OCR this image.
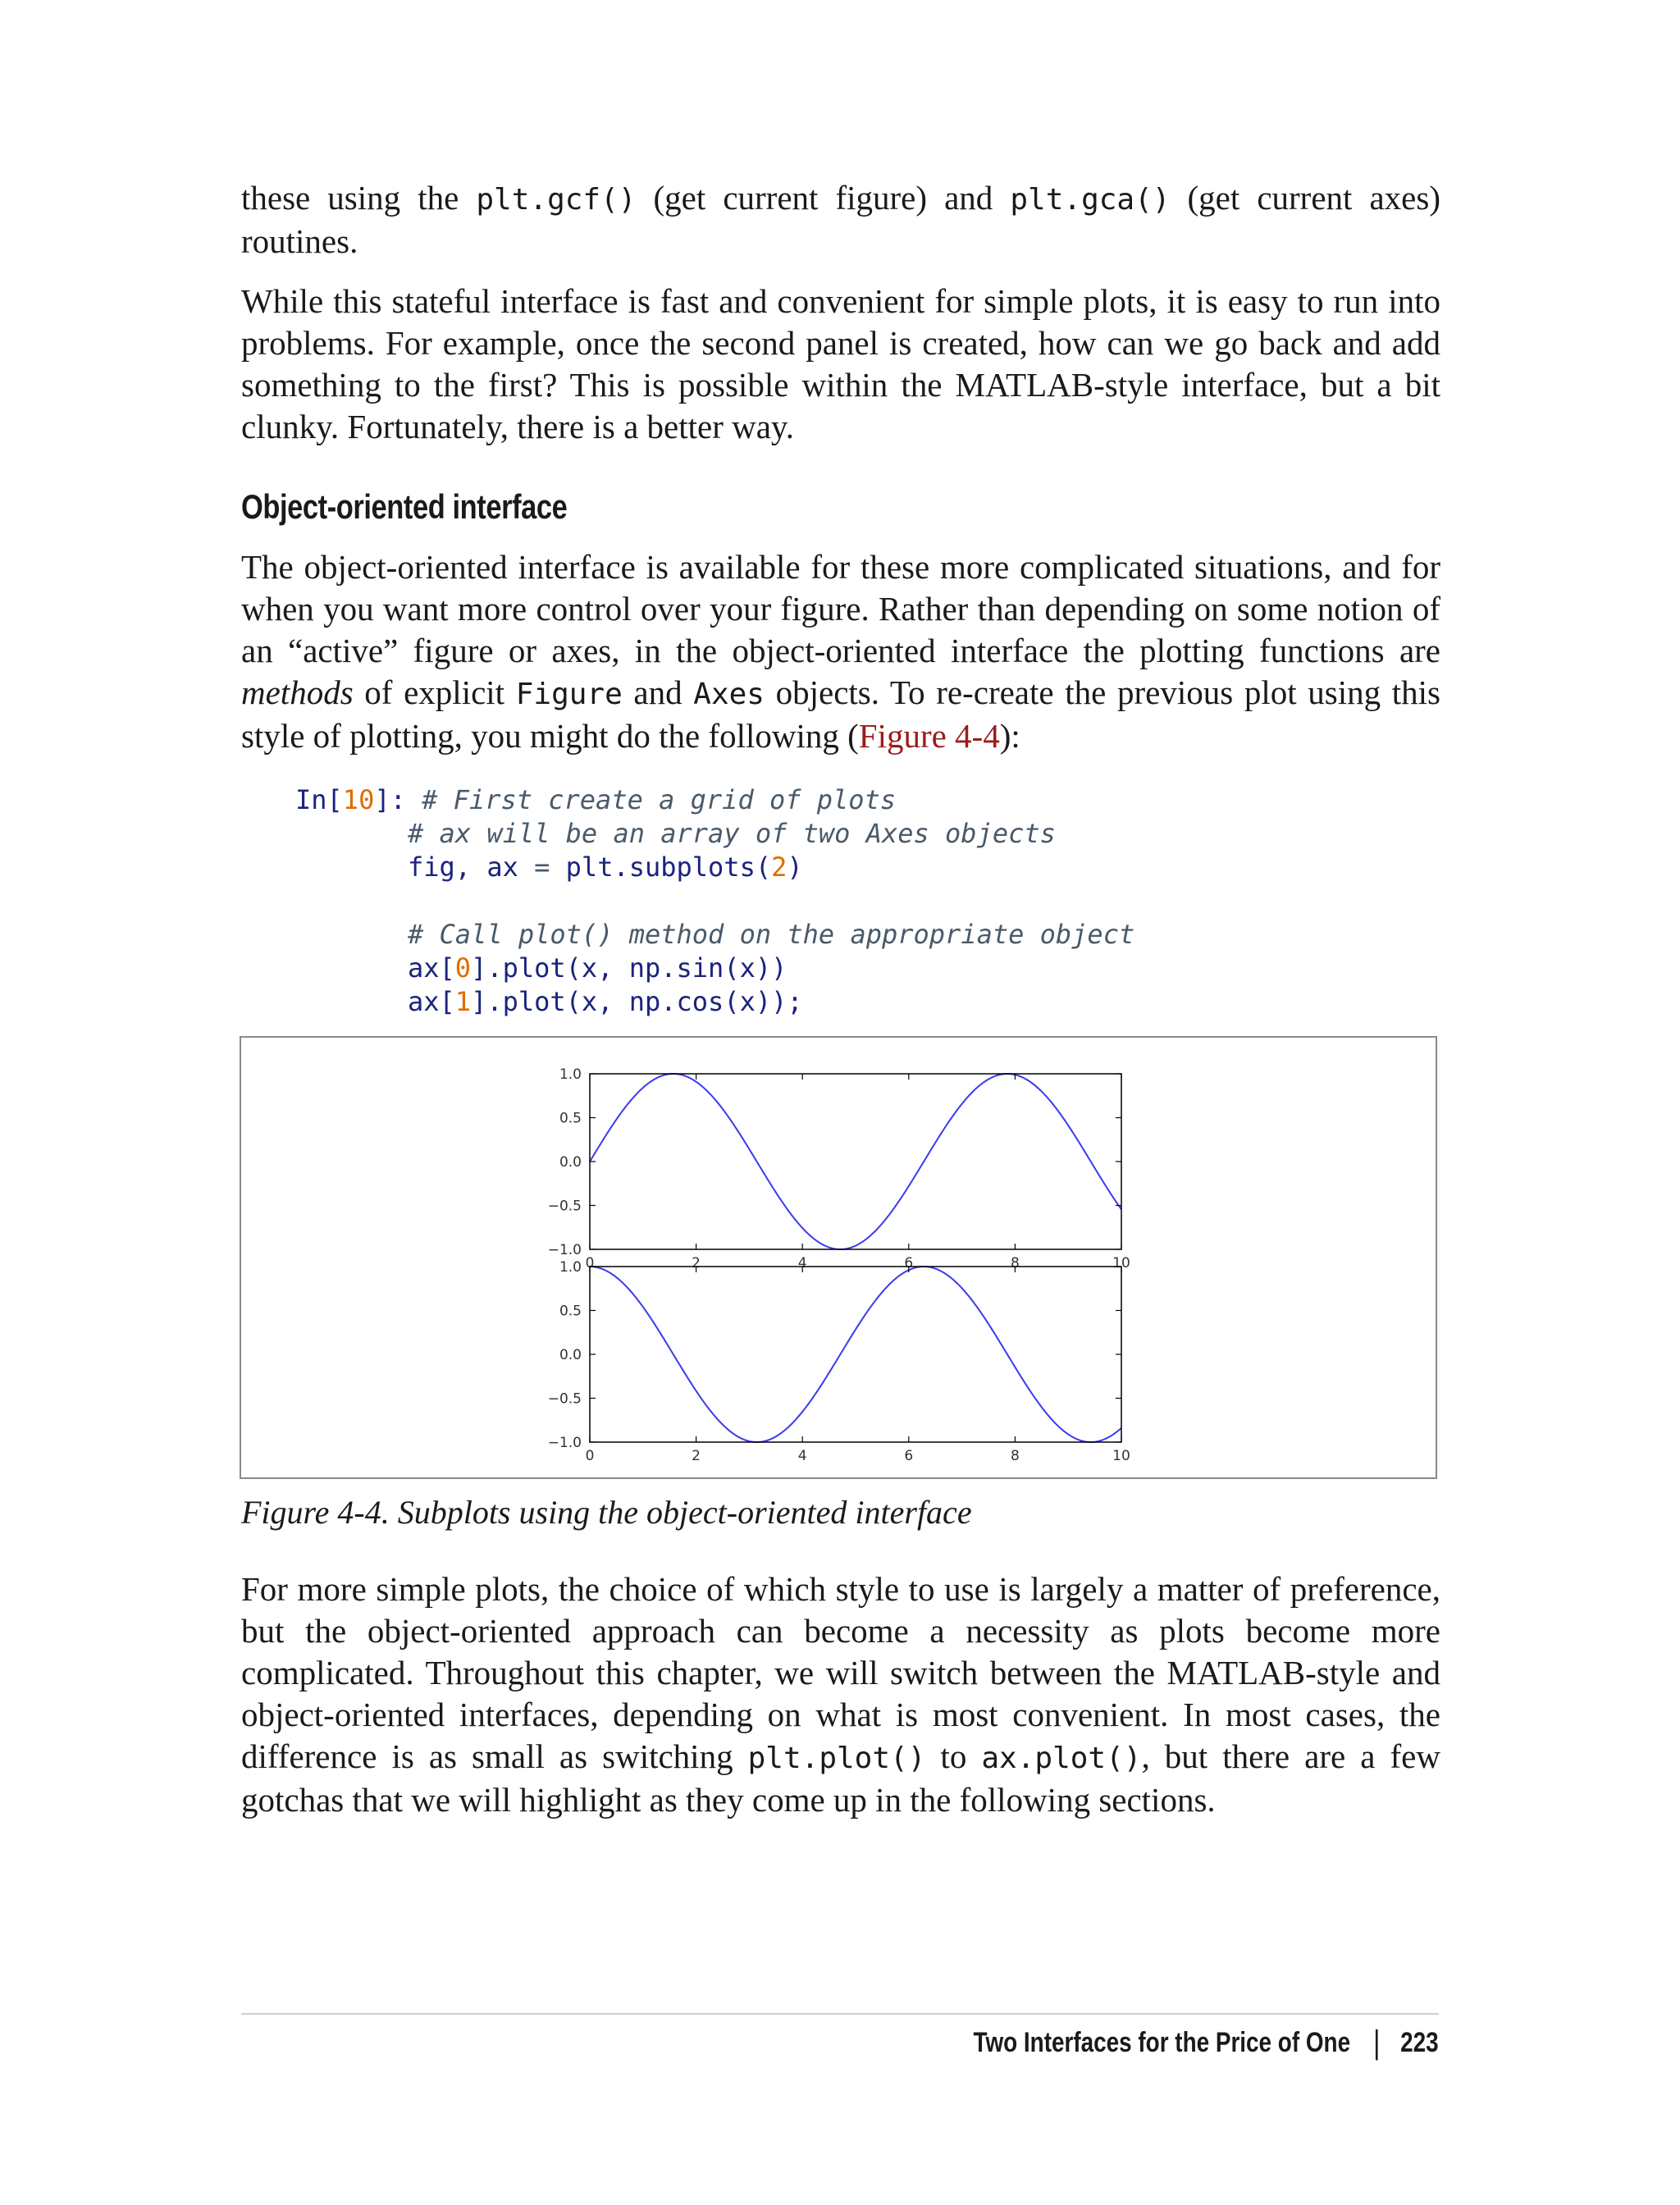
these using the plt.gcf() (get current figure) and plt.gca() (get current axes) routines.

While this stateful interface is fast and convenient for simple plots, it is easy to run into problems. For example, once the second panel is created, how can we go back and add something to the first? This is possible within the MATLAB-style interface, but a bit clunky. Fortunately, there is a better way.

Object-oriented interface

The object-oriented interface is available for these more complicated situations, and for when you want more control over your figure. Rather than depending on some notion of an “active” figure or axes, in the object-oriented interface the plotting functions are methods of explicit Figure and Axes objects. To re-create the previous plot using this style of plotting, you might do the following (Figure 4-4):

In[10]: # First create a grid of plots
# ax will be an array of two Axes objects
fig, ax = plt.subplots(2)
# Call plot() method on the appropriate object
ax[0].plot(x, np.sin(x))
ax[1].plot(x, np.cos(x));
0	2	4	6	8	10
1.0
0.5
0.0
−0.5
−1.0
0	2	4	6	8	10
1.0
0.5
0.0
−0.5
−1.0

Figure 4-4. Subplots using the object-oriented interface

For more simple plots, the choice of which style to use is largely a matter of preference, but the object-oriented approach can become a necessity as plots become more complicated. Throughout this chapter, we will switch between the MATLAB-style and object-oriented interfaces, depending on what is most convenient. In most cases, the difference is as small as switching plt.plot() to ax.plot(), but there are a few gotchas that we will highlight as they come up in the following sections.

Two Interfaces for the Price of One | 223
